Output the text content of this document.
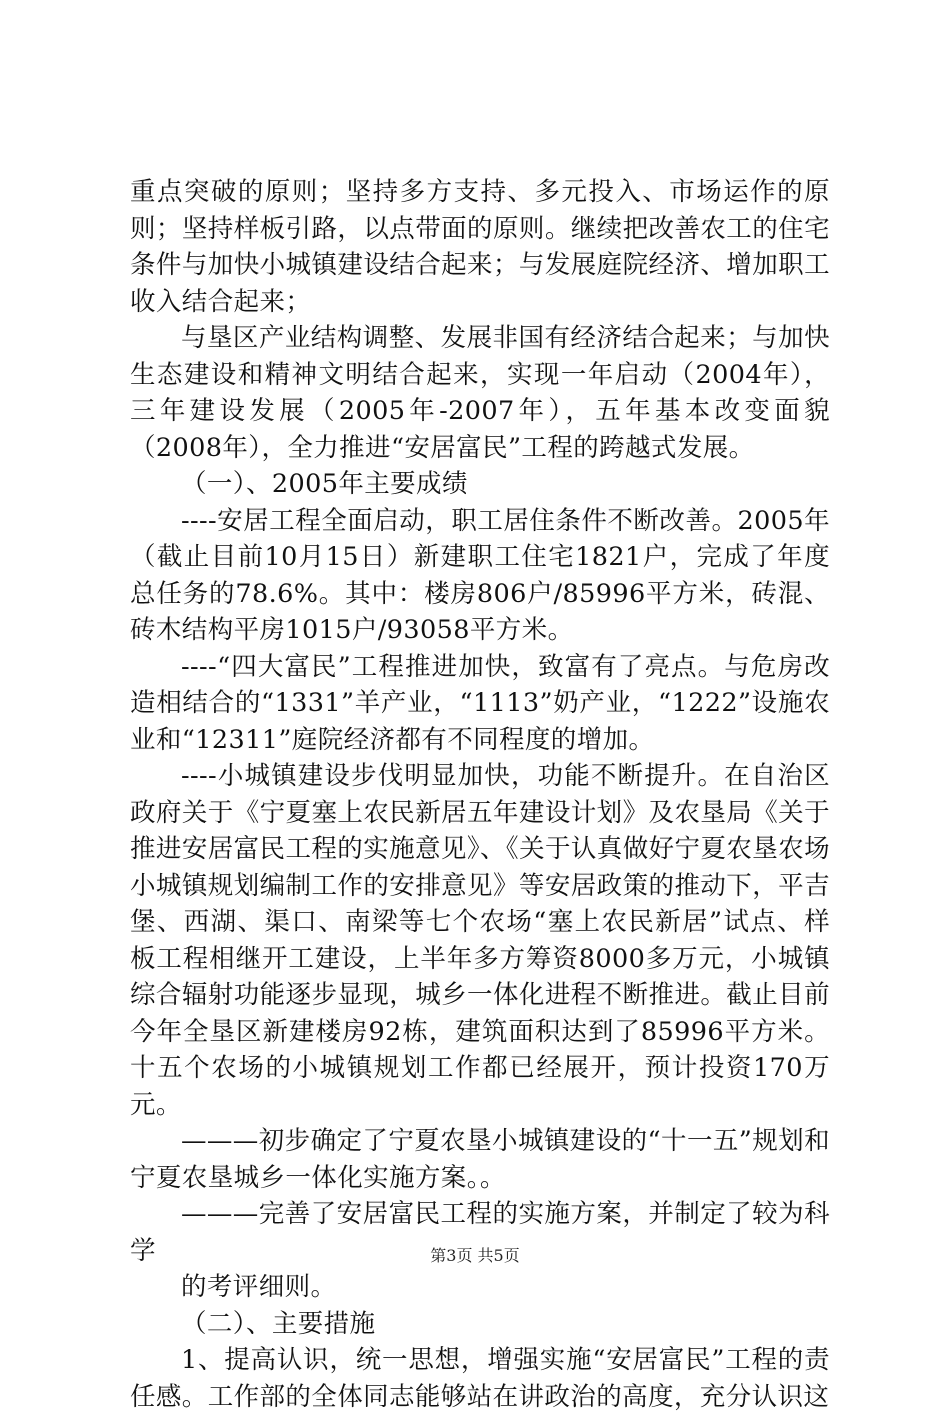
重点突破的原则；坚持多方支持、多元投入、市场运作的原则；坚持样板引路，以点带面的原则。继续把改善农工的住宅条件与加快小城镇建设结合起来；与发展庭院经济、增加职工收入结合起来；

与垦区产业结构调整、发展非国有经济结合起来；与加快生态建设和精神文明结合起来，实现一年启动（2004年），三年建设发展（2005年-2007年），五年基本改变面貌（2008年），全力推进“安居富民”工程的跨越式发展。

（一）、2005年主要成绩

----安居工程全面启动，职工居住条件不断改善。2005年（截止目前10月15日）新建职工住宅1821户，完成了年度总任务的78.6%。其中：楼房806户/85996平方米，砖混、砖木结构平房1015户/93058平方米。

----“四大富民”工程推进加快，致富有了亮点。与危房改造相结合的“1331”羊产业，“1113”奶产业，“1222”设施农业和“12311”庭院经济都有不同程度的增加。

----小城镇建设步伐明显加快，功能不断提升。在自治区政府关于《宁夏塞上农民新居五年建设计划》及农垦局《关于推进安居富民工程的实施意见》、《关于认真做好宁夏农垦农场小城镇规划编制工作的安排意见》等安居政策的推动下，平吉堡、西湖、渠口、南梁等七个农场“塞上农民新居”试点、样板工程相继开工建设，上半年多方筹资8000多万元，小城镇综合辐射功能逐步显现，城乡一体化进程不断推进。截止目前今年全垦区新建楼房92栋，建筑面积达到了85996平方米。十五个农场的小城镇规划工作都已经展开，预计投资170万元。

———初步确定了宁夏农垦小城镇建设的“十一五”规划和宁夏农垦城乡一体化实施方案。。

———完善了安居富民工程的实施方案，并制定了较为科学

的考评细则。

（二）、主要措施

1、提高认识，统一思想，增强实施“安居富民”工程的责任感。工作部的全体同志能够站在讲政治的高度，充分认识这

第3页 共5页
